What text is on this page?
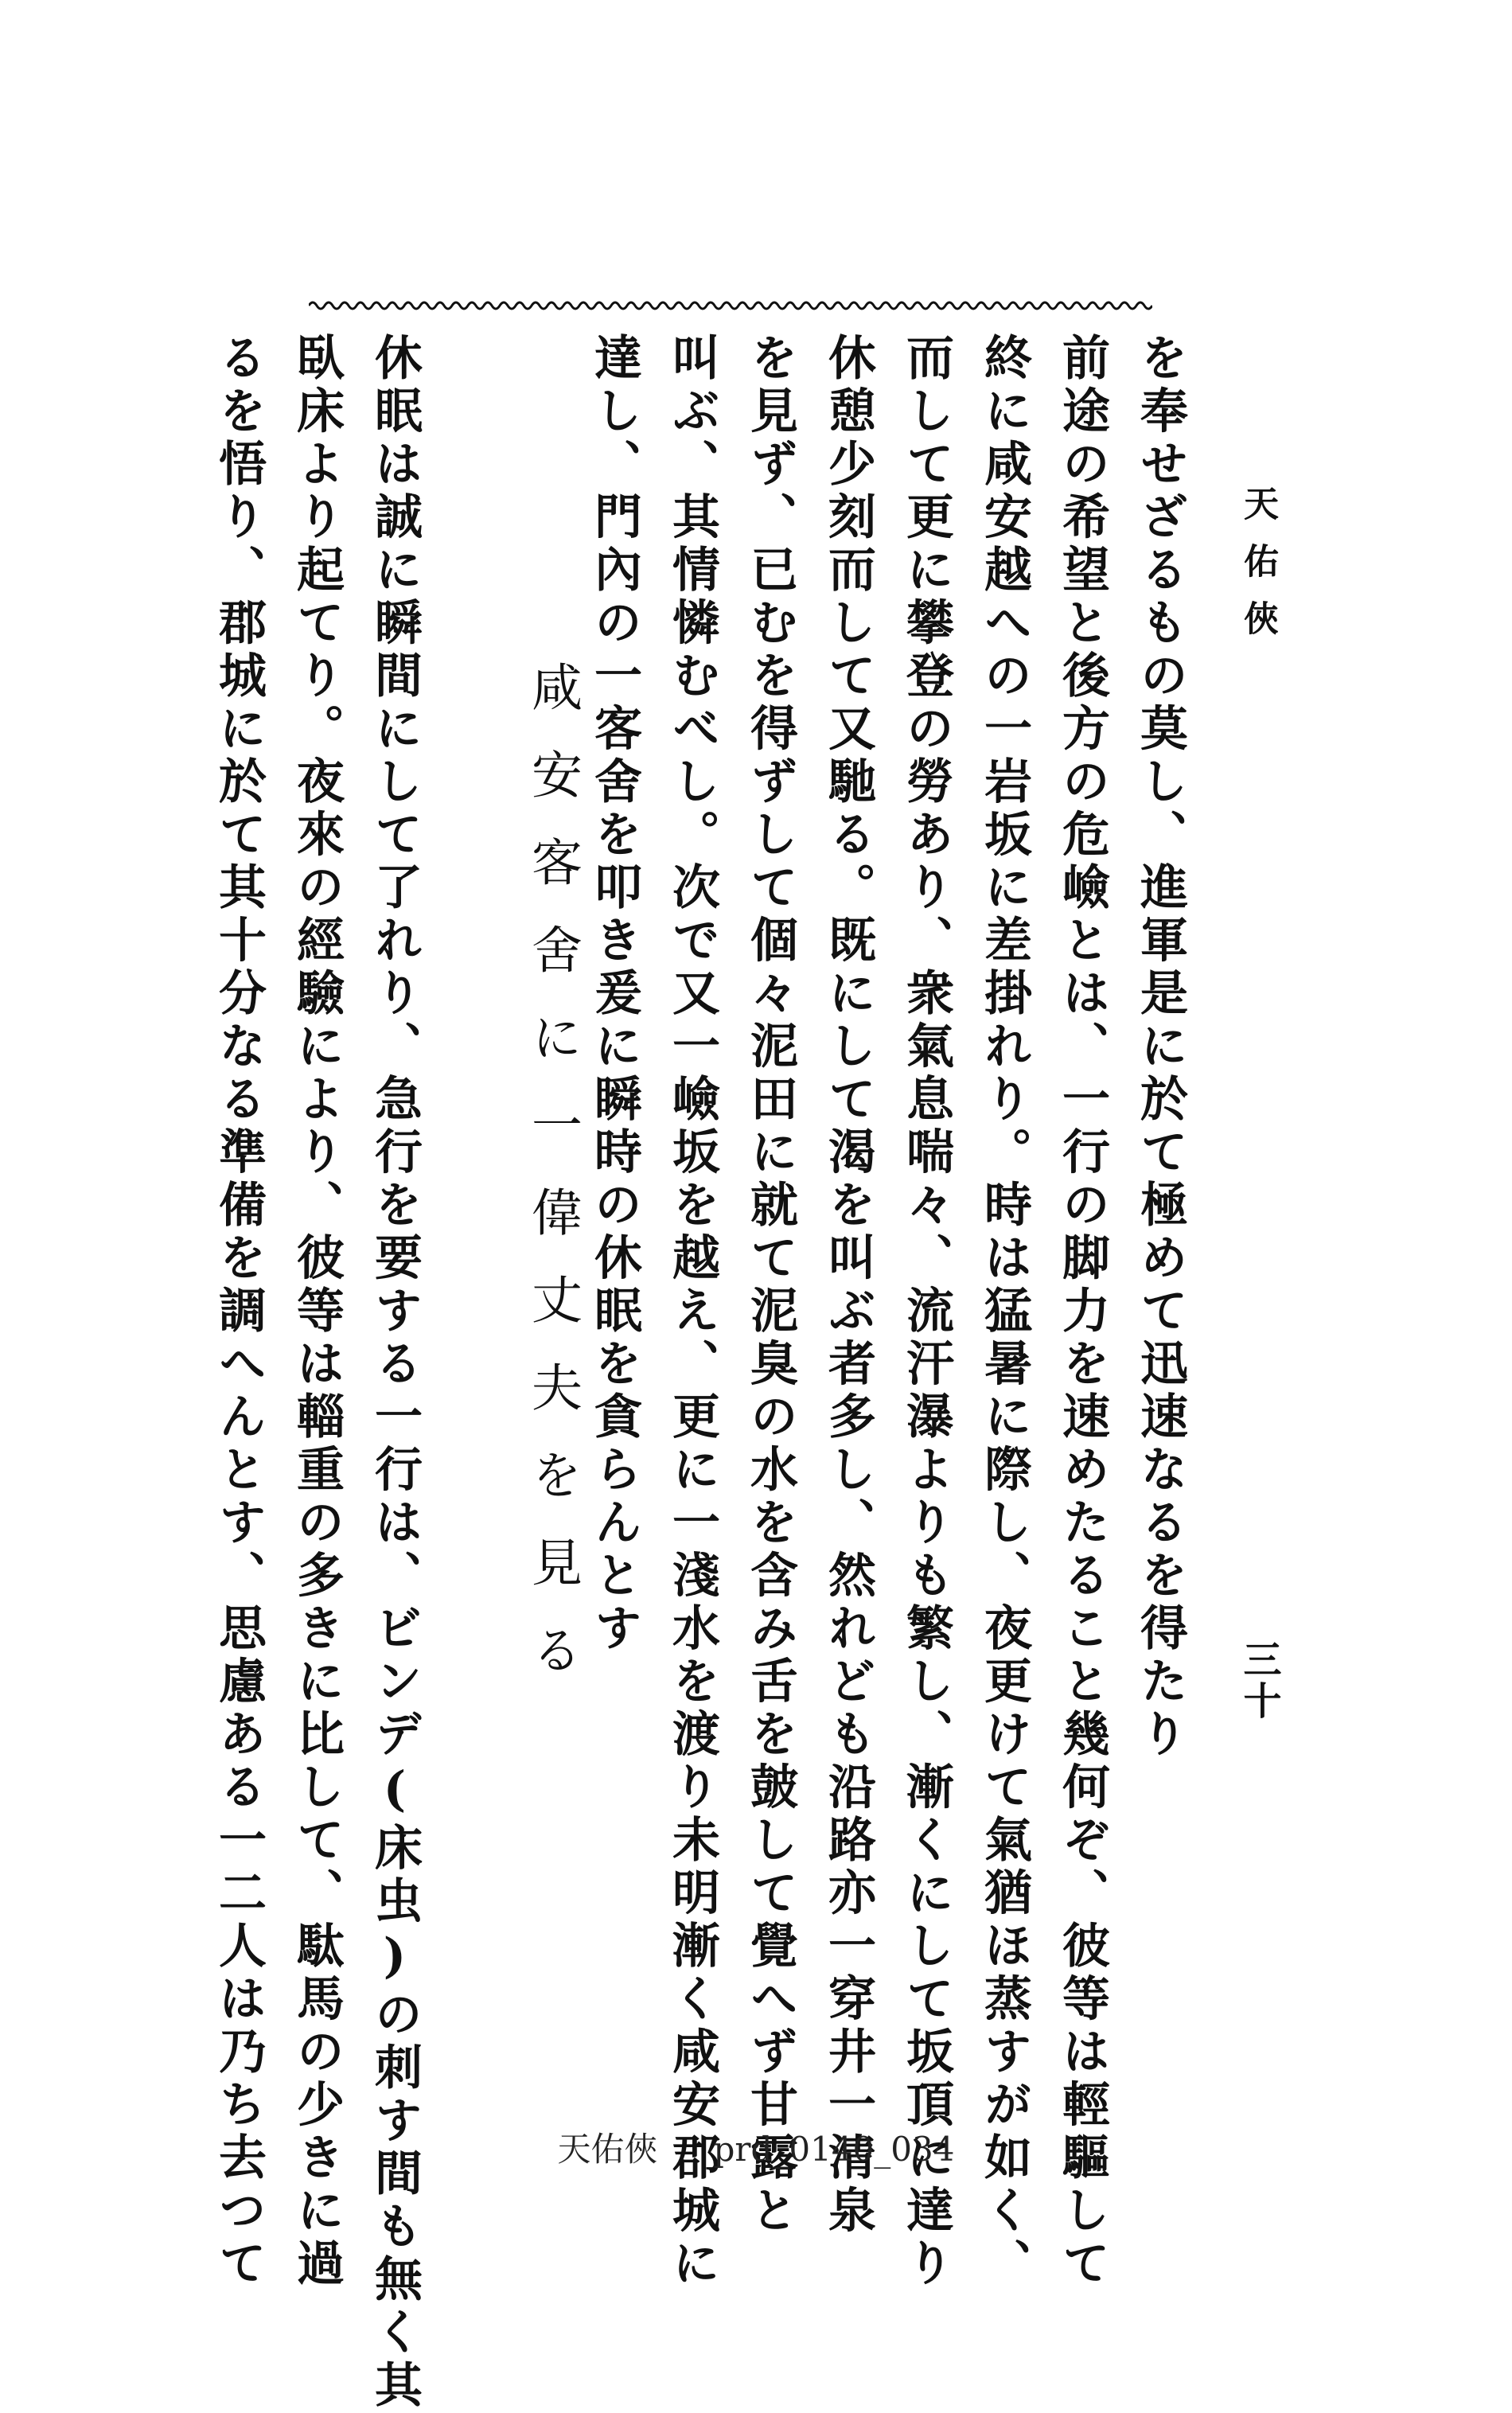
天佑俠
を奉せざるもの莫し、進軍是に於て極めて迅速なるを得たり
前途の希望と後方の危嶮とは、一行の脚力を速めたること幾何ぞ、彼等は輕驅して
終に咸安越への一岩坂に差掛れり。時は猛暑に際し、夜更けて氣猶ほ蒸すが如く、
而して更に攀登の勞あり、衆氣息喘々、流汗瀑よりも繁し、漸くにして坂頂に達り
休憩少刻而して又馳る。既にして渴を叫ぶ者多し、然れども沿路亦一穿井一清泉
を見ず、已むを得ずして個々泥田に就て泥臭の水を含み舌を皷して覺へず甘露と
叫ぶ、其情憐むべし。次で又一嶮坂を越え、更に一淺水を渡り未明漸く咸安郡城に
達し、門內の一客舍を叩き爰に瞬時の休眠を貪らんとす
咸安客舍に一偉丈夫を見る
休眠は誠に瞬間にして了れり、急行を要する一行は、ビンデ(床虫)の刺す間も無く其
臥床より起てり。夜來の經驗により、彼等は輜重の多きに比して、駄馬の少きに過
るを悟り、郡城に於て其十分なる準備を調へんとす、思慮ある一二人は乃ち去つて	三十
天佑俠 prd_0140_034
